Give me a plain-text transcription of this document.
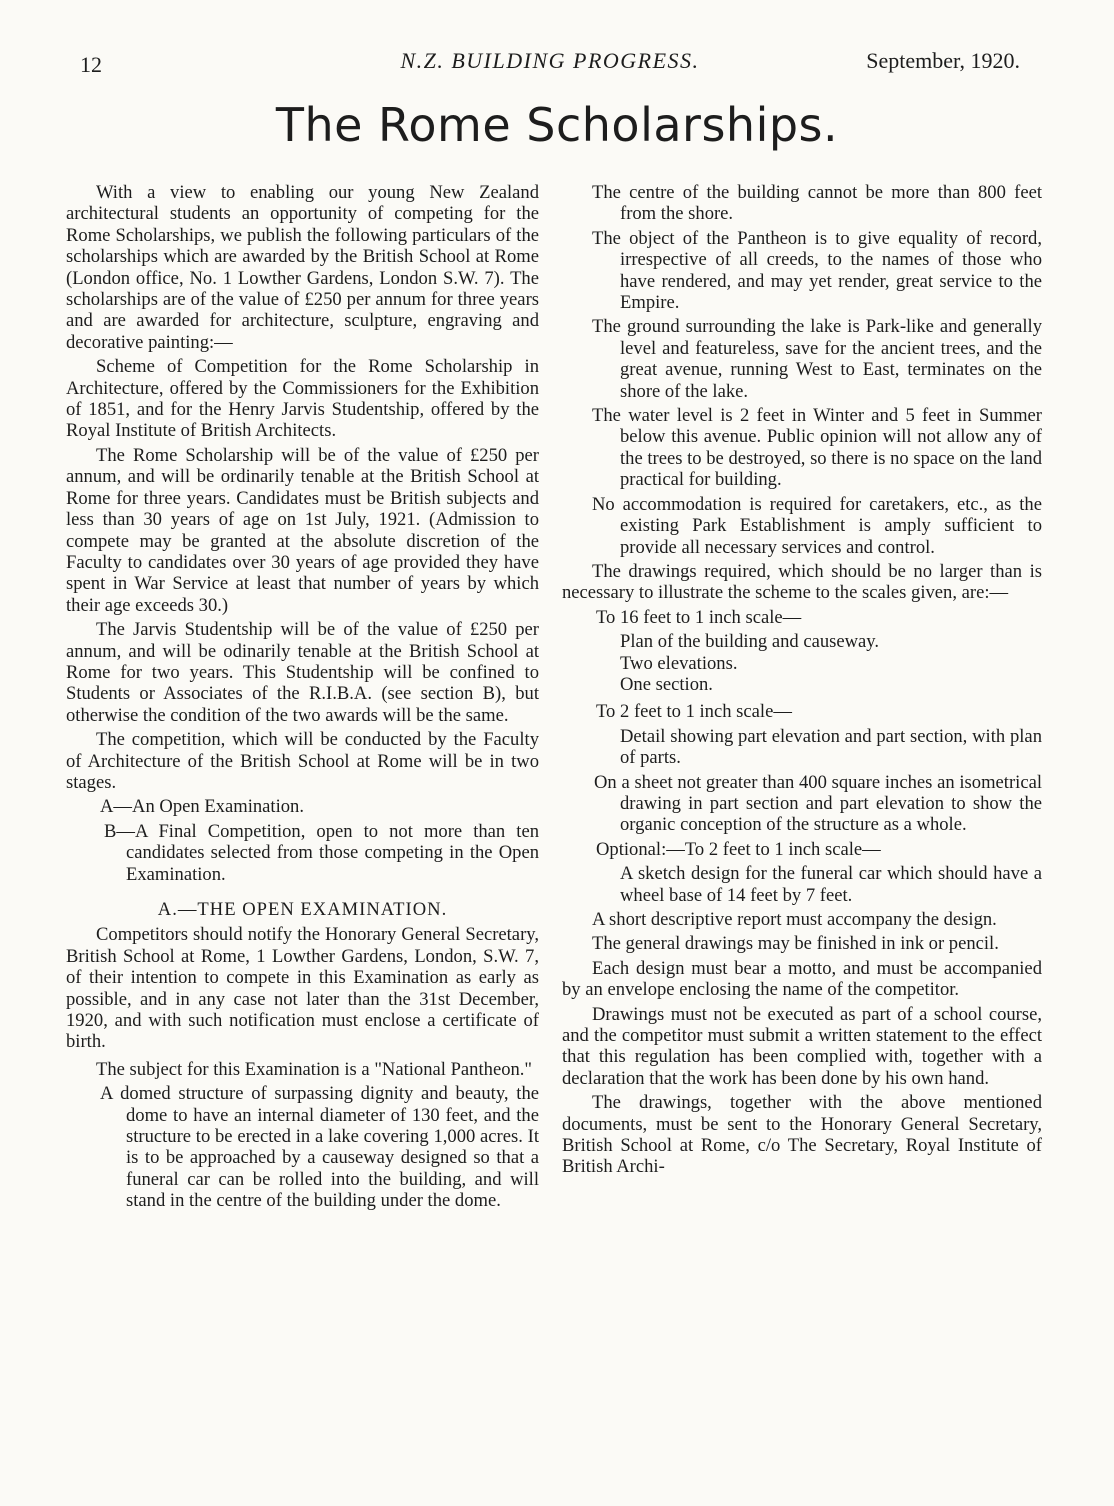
12	N.Z. BUILDING PROGRESS.	September, 1920.
The Rome Scholarships.

With a view to enabling our young New Zealand architectural students an opportunity of competing for the Rome Scholarships, we publish the following particulars of the scholarships which are awarded by the British School at Rome (London office, No. 1 Lowther Gardens, London S.W. 7). The scholarships are of the value of £250 per annum for three years and are awarded for architecture, sculpture, engraving and decorative painting:—

Scheme of Competition for the Rome Scholarship in Architecture, offered by the Commissioners for the Exhibition of 1851, and for the Henry Jarvis Studentship, offered by the Royal Institute of British Architects.

The Rome Scholarship will be of the value of £250 per annum, and will be ordinarily tenable at the British School at Rome for three years. Candidates must be British subjects and less than 30 years of age on 1st July, 1921. (Admission to compete may be granted at the absolute discretion of the Faculty to candidates over 30 years of age provided they have spent in War Service at least that number of years by which their age exceeds 30.)

The Jarvis Studentship will be of the value of £250 per annum, and will be odinarily tenable at the British School at Rome for two years. This Studentship will be confined to Students or Associates of the R.I.B.A. (see section B), but otherwise the condition of the two awards will be the same.

The competition, which will be conducted by the Faculty of Architecture of the British School at Rome will be in two stages.

A—An Open Examination.

B—A Final Competition, open to not more than ten candidates selected from those competing in the Open Examination.

A.—THE OPEN EXAMINATION.

Competitors should notify the Honorary General Secretary, British School at Rome, 1 Lowther Gardens, London, S.W. 7, of their intention to compete in this Examination as early as possible, and in any case not later than the 31st December, 1920, and with such notification must enclose a certificate of birth.

The subject for this Examination is a "National Pantheon."

A domed structure of surpassing dignity and beauty, the dome to have an internal diameter of 130 feet, and the structure to be erected in a lake covering 1,000 acres. It is to be approached by a causeway designed so that a funeral car can be rolled into the building, and will stand in the centre of the building under the dome.

The centre of the building cannot be more than 800 feet from the shore.

The object of the Pantheon is to give equality of record, irrespective of all creeds, to the names of those who have rendered, and may yet render, great service to the Empire.

The ground surrounding the lake is Park-like and generally level and featureless, save for the ancient trees, and the great avenue, running West to East, terminates on the shore of the lake.

The water level is 2 feet in Winter and 5 feet in Summer below this avenue. Public opinion will not allow any of the trees to be destroyed, so there is no space on the land practical for building.

No accommodation is required for caretakers, etc., as the existing Park Establishment is amply sufficient to provide all necessary services and control.

The drawings required, which should be no larger than is necessary to illustrate the scheme to the scales given, are:—

To 16 feet to 1 inch scale—

Plan of the building and causeway.

Two elevations.

One section.

To 2 feet to 1 inch scale—

Detail showing part elevation and part section, with plan of parts.

On a sheet not greater than 400 square inches an isometrical drawing in part section and part elevation to show the organic conception of the structure as a whole.

Optional:—To 2 feet to 1 inch scale—

A sketch design for the funeral car which should have a wheel base of 14 feet by 7 feet.

A short descriptive report must accompany the design.

The general drawings may be finished in ink or pencil.

Each design must bear a motto, and must be accompanied by an envelope enclosing the name of the competitor.

Drawings must not be executed as part of a school course, and the competitor must submit a written statement to the effect that this regulation has been complied with, together with a declaration that the work has been done by his own hand.

The drawings, together with the above mentioned documents, must be sent to the Honorary General Secretary, British School at Rome, c/o The Secretary, Royal Institute of British Archi-
